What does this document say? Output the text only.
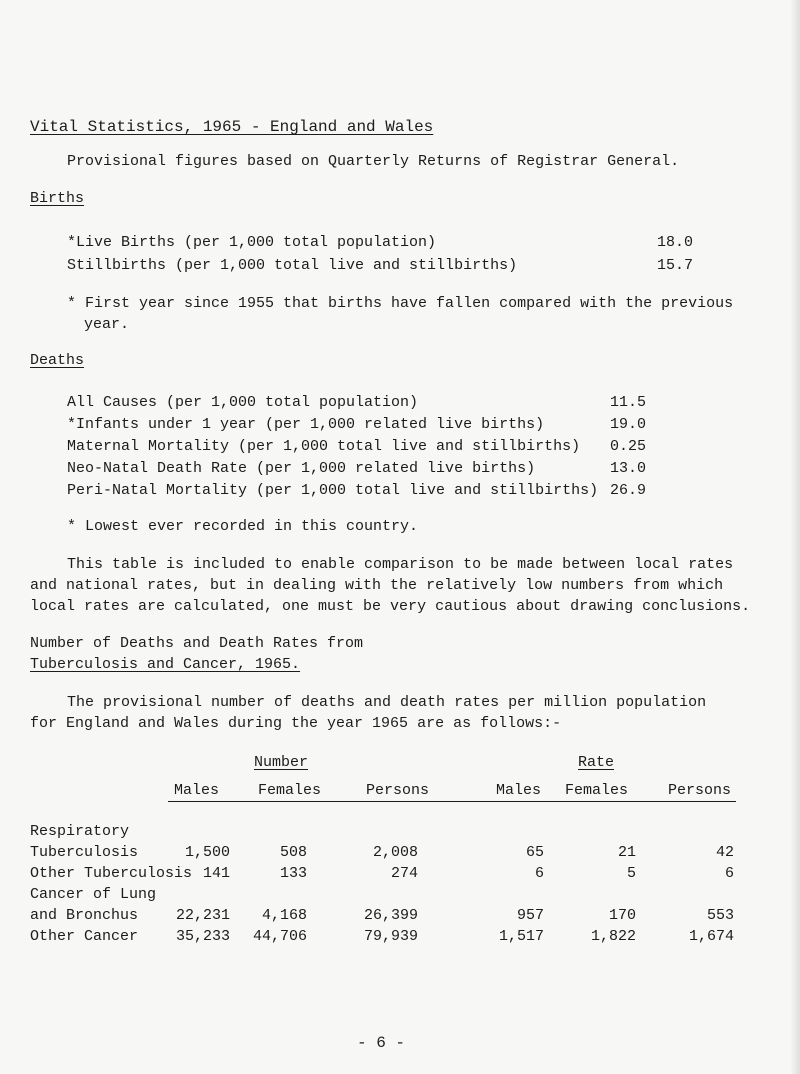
Vital Statistics, 1965 - England and Wales
Provisional figures based on Quarterly Returns of Registrar General.
Births
*Live Births (per 1,000 total population)	18.0
Stillbirths (per 1,000 total live and stillbirths)	15.7
* First year since 1955 that births have fallen compared with the previous
year.
Deaths
All Causes (per 1,000 total population)	11.5
*Infants under 1 year (per 1,000 related live births)	19.0
Maternal Mortality (per 1,000 total live and stillbirths) 0.25
Neo-Natal Death Rate (per 1,000 related live births)	13.0
Peri-Natal Mortality (per 1,000 total live and stillbirths) 26.9
* Lowest ever recorded in this country.
This table is included to enable comparison to be made between local rates
and national rates, but in dealing with the relatively low numbers from which
local rates are calculated, one must be very cautious about drawing conclusions.
Number of Deaths and Death Rates from
Tuberculosis and Cancer, 1965.
The provisional number of deaths and death rates per million population
for England and Wales during the year 1965 are as follows:-
Number	Rate
Males	Females	Persons	Males Females	Persons
Respiratory
Tuberculosis	1,500	508	2,008	65	21	42
Other Tuberculosis 141	133	274	6	5	6
Cancer of Lung
and Bronchus	22,231	4,168	26,399	957	170	553
Other Cancer	35,233	44,706	79,939	1,517	1,822	1,674
- 6 -
